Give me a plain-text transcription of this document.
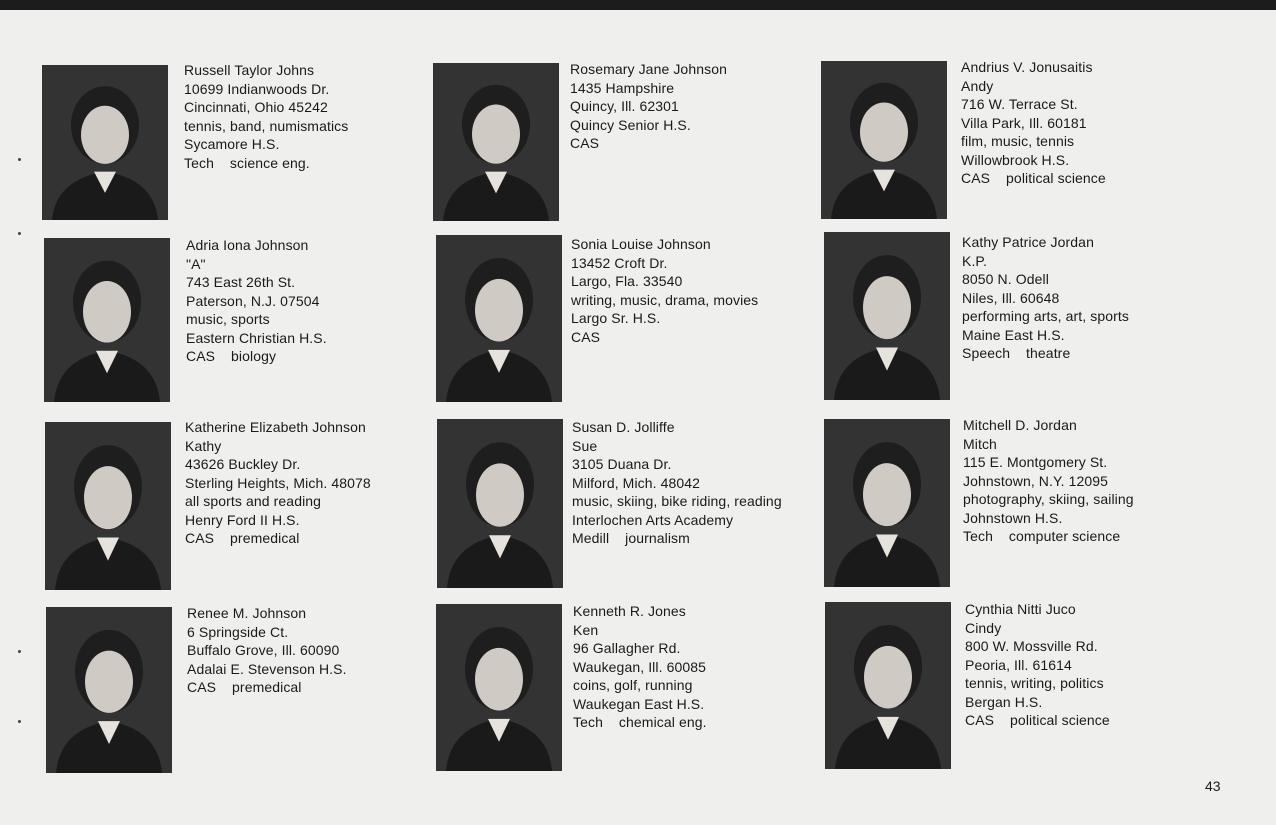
Russell Taylor Johns
10699 Indianwoods Dr.
Cincinnati, Ohio 45242
tennis, band, numismatics
Sycamore H.S.
Tech    science eng.
Rosemary Jane Johnson
1435 Hampshire
Quincy, Ill. 62301
Quincy Senior H.S.
CAS
Andrius V. Jonusaitis
Andy
716 W. Terrace St.
Villa Park, Ill. 60181
film, music, tennis
Willowbrook H.S.
CAS    political science
Adria Iona Johnson
"A"
743 East 26th St.
Paterson, N.J. 07504
music, sports
Eastern Christian H.S.
CAS    biology
Sonia Louise Johnson
13452 Croft Dr.
Largo, Fla. 33540
writing, music, drama, movies
Largo Sr. H.S.
CAS
Kathy Patrice Jordan
K.P.
8050 N. Odell
Niles, Ill. 60648
performing arts, art, sports
Maine East H.S.
Speech    theatre
Katherine Elizabeth Johnson
Kathy
43626 Buckley Dr.
Sterling Heights, Mich. 48078
all sports and reading
Henry Ford II H.S.
CAS    premedical
Susan D. Jolliffe
Sue
3105 Duana Dr.
Milford, Mich. 48042
music, skiing, bike riding, reading
Interlochen Arts Academy
Medill    journalism
Mitchell D. Jordan
Mitch
115 E. Montgomery St.
Johnstown, N.Y. 12095
photography, skiing, sailing
Johnstown H.S.
Tech    computer science
Renee M. Johnson
6 Springside Ct.
Buffalo Grove, Ill. 60090
Adalai E. Stevenson H.S.
CAS    premedical
Kenneth R. Jones
Ken
96 Gallagher Rd.
Waukegan, Ill. 60085
coins, golf, running
Waukegan East H.S.
Tech    chemical eng.
Cynthia Nitti Juco
Cindy
800 W. Mossville Rd.
Peoria, Ill. 61614
tennis, writing, politics
Bergan H.S.
CAS    political science
43
